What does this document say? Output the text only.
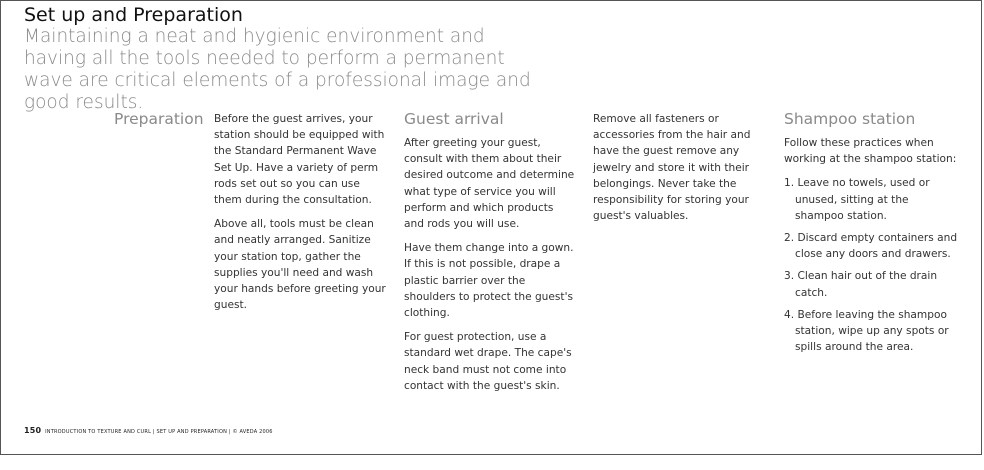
Set up and Preparation
Maintaining a neat and hygienic environment and having all the tools needed to perform a permanent wave are critical elements of a professional image and good results.
Preparation Before the guest arrives, your station should be equipped with the Standard Permanent Wave Set Up. Have a variety of perm rods set out so you can use them during the consultation.

Above all, tools must be clean and neatly arranged. Sanitize your station top, gather the supplies you'll need and wash your hands before greeting your guest.

Guest arrival

After greeting your guest, consult with them about their desired outcome and determine what type of service you will perform and which products and rods you will use.

Have them change into a gown. If this is not possible, drape a plastic barrier over the shoulders to protect the guest's clothing.

For guest protection, use a standard wet drape. The cape's neck band must not come into contact with the guest's skin.

Remove all fasteners or accessories from the hair and have the guest remove any jewelry and store it with their belongings. Never take the responsibility for storing your guest's valuables.

Shampoo station

Follow these practices when working at the shampoo station:

1. Leave no towels, used or unused, sitting at the shampoo station.
2. Discard empty containers and close any doors and drawers.
3. Clean hair out of the drain catch.
4. Before leaving the shampoo station, wipe up any spots or spills around the area.
150 INTRODUCTION TO TEXTURE AND CURL | SET UP AND PREPARATION | © AVEDA 2006
